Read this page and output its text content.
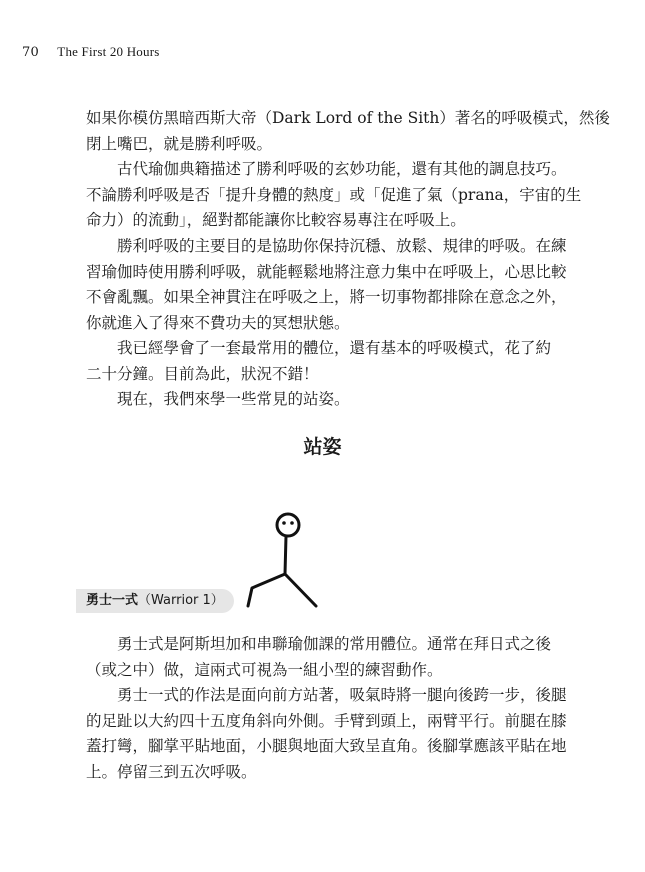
70 The First 20 Hours
如果你模仿黑暗西斯大帝（Dark Lord of the Sith）著名的呼吸模式，然後
閉上嘴巴，就是勝利呼吸。
　　古代瑜伽典籍描述了勝利呼吸的玄妙功能，還有其他的調息技巧。
不論勝利呼吸是否「提升身體的熱度」或「促進了氣（prana，宇宙的生
命力）的流動」，絕對都能讓你比較容易專注在呼吸上。
　　勝利呼吸的主要目的是協助你保持沉穩、放鬆、規律的呼吸。在練
習瑜伽時使用勝利呼吸，就能輕鬆地將注意力集中在呼吸上，心思比較
不會亂飄。如果全神貫注在呼吸之上，將一切事物都排除在意念之外，
你就進入了得來不費功夫的冥想狀態。
　　我已經學會了一套最常用的體位，還有基本的呼吸模式，花了約
二十分鐘。目前為此，狀況不錯！
　　現在，我們來學一些常見的站姿。
站姿
勇士一式（Warrior 1）
　　勇士式是阿斯坦加和串聯瑜伽課的常用體位。通常在拜日式之後
（或之中）做，這兩式可視為一組小型的練習動作。
　　勇士一式的作法是面向前方站著，吸氣時將一腿向後跨一步，後腿
的足趾以大約四十五度角斜向外側。手臂到頭上，兩臂平行。前腿在膝
蓋打彎，腳掌平貼地面，小腿與地面大致呈直角。後腳掌應該平貼在地
上。停留三到五次呼吸。
